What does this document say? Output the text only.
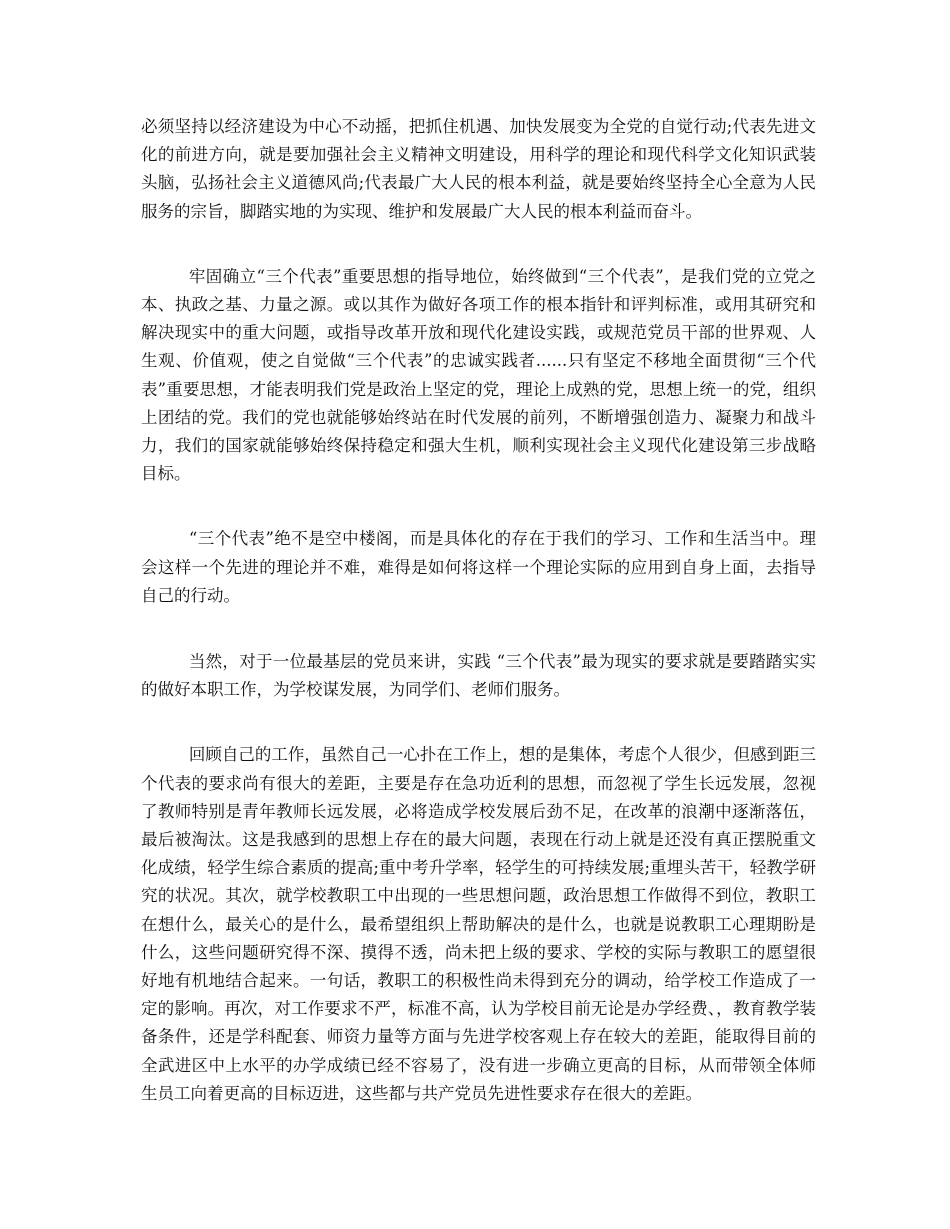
必须坚持以经济建设为中心不动摇，把抓住机遇、加快发展变为全党的自觉行动;代表先进文化的前进方向，就是要加强社会主义精神文明建设，用科学的理论和现代科学文化知识武装头脑，弘扬社会主义道德风尚;代表最广大人民的根本利益，就是要始终坚持全心全意为人民服务的宗旨，脚踏实地的为实现、维护和发展最广大人民的根本利益而奋斗。

牢固确立“三个代表”重要思想的指导地位，始终做到“三个代表”，是我们党的立党之本、执政之基、力量之源。或以其作为做好各项工作的根本指针和评判标准，或用其研究和解决现实中的重大问题，或指导改革开放和现代化建设实践，或规范党员干部的世界观、人生观、价值观，使之自觉做“三个代表”的忠诚实践者......只有坚定不移地全面贯彻“三个代表”重要思想，才能表明我们党是政治上坚定的党，理论上成熟的党，思想上统一的党，组织上团结的党。我们的党也就能够始终站在时代发展的前列，不断增强创造力、凝聚力和战斗力，我们的国家就能够始终保持稳定和强大生机，顺利实现社会主义现代化建设第三步战略目标。

“三个代表”绝不是空中楼阁，而是具体化的存在于我们的学习、工作和生活当中。理会这样一个先进的理论并不难，难得是如何将这样一个理论实际的应用到自身上面，去指导自己的行动。

当然，对于一位最基层的党员来讲，实践 “三个代表”最为现实的要求就是要踏踏实实的做好本职工作，为学校谋发展，为同学们、老师们服务。

回顾自己的工作，虽然自己一心扑在工作上，想的是集体，考虑个人很少，但感到距三个代表的要求尚有很大的差距，主要是存在急功近利的思想，而忽视了学生长远发展，忽视了教师特别是青年教师长远发展，必将造成学校发展后劲不足，在改革的浪潮中逐渐落伍，最后被淘汰。这是我感到的思想上存在的最大问题，表现在行动上就是还没有真正摆脱重文化成绩，轻学生综合素质的提高;重中考升学率，轻学生的可持续发展;重埋头苦干，轻教学研究的状况。其次，就学校教职工中出现的一些思想问题，政治思想工作做得不到位，教职工在想什么，最关心的是什么，最希望组织上帮助解决的是什么，也就是说教职工心理期盼是什么，这些问题研究得不深、摸得不透，尚未把上级的要求、学校的实际与教职工的愿望很好地有机地结合起来。一句话，教职工的积极性尚未得到充分的调动，给学校工作造成了一定的影响。再次，对工作要求不严，标准不高，认为学校目前无论是办学经费、，教育教学装备条件，还是学科配套、师资力量等方面与先进学校客观上存在较大的差距，能取得目前的全武进区中上水平的办学成绩已经不容易了，没有进一步确立更高的目标，从而带领全体师生员工向着更高的目标迈进，这些都与共产党员先进性要求存在很大的差距。
